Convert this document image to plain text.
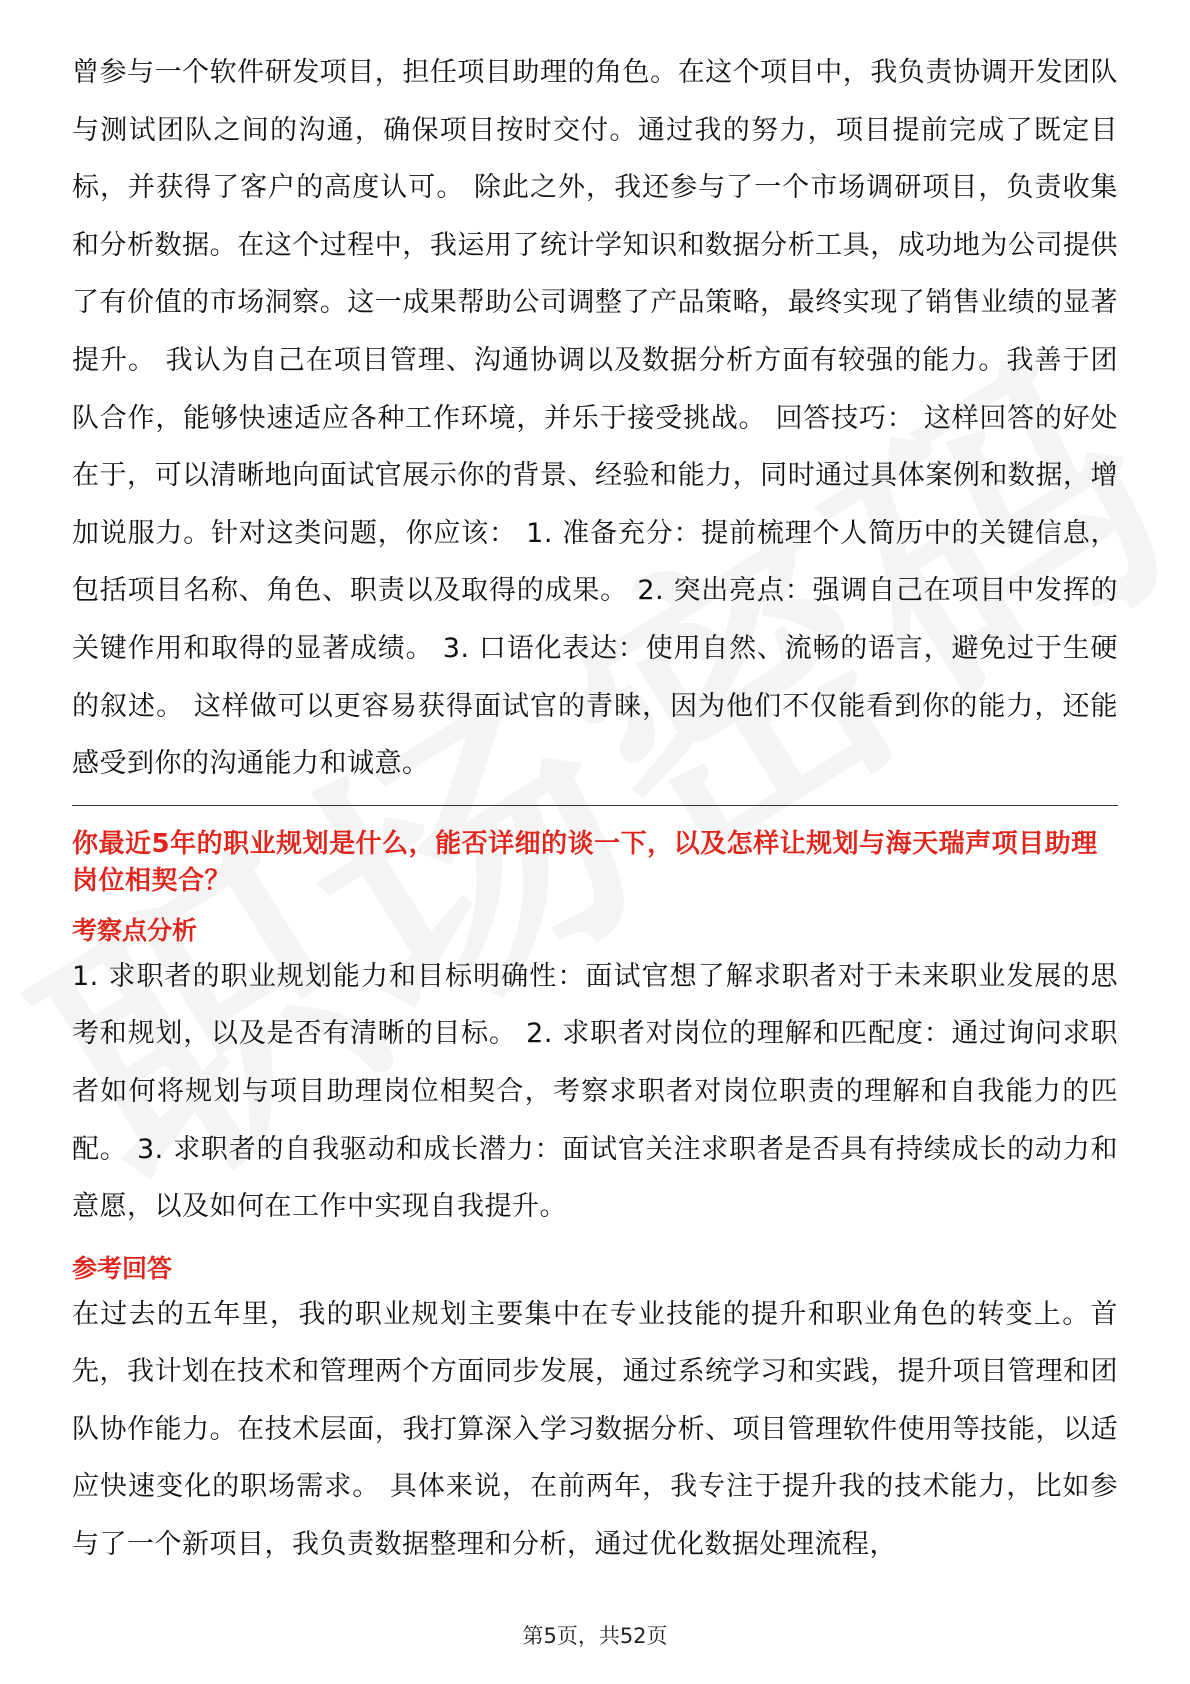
曾参与一个软件研发项目，担任项目助理的角色。在这个项目中，我负责协调开发团队与测试团队之间的沟通，确保项目按时交付。通过我的努力，项目提前完成了既定目标，并获得了客户的高度认可。 除此之外，我还参与了一个市场调研项目，负责收集和分析数据。在这个过程中，我运用了统计学知识和数据分析工具，成功地为公司提供了有价值的市场洞察。这一成果帮助公司调整了产品策略，最终实现了销售业绩的显著提升。 我认为自己在项目管理、沟通协调以及数据分析方面有较强的能力。我善于团队合作，能够快速适应各种工作环境，并乐于接受挑战。 回答技巧： 这样回答的好处在于，可以清晰地向面试官展示你的背景、经验和能力，同时通过具体案例和数据，增加说服力。针对这类问题，你应该： 1. 准备充分：提前梳理个人简历中的关键信息，包括项目名称、角色、职责以及取得的成果。 2. 突出亮点：强调自己在项目中发挥的关键作用和取得的显著成绩。 3. 口语化表达：使用自然、流畅的语言，避免过于生硬的叙述。 这样做可以更容易获得面试官的青睐，因为他们不仅能看到你的能力，还能感受到你的沟通能力和诚意。

你最近5年的职业规划是什么，能否详细的谈一下，以及怎样让规划与海天瑞声项目助理岗位相契合？
考察点分析

1. 求职者的职业规划能力和目标明确性：面试官想了解求职者对于未来职业发展的思考和规划，以及是否有清晰的目标。 2. 求职者对岗位的理解和匹配度：通过询问求职者如何将规划与项目助理岗位相契合，考察求职者对岗位职责的理解和自我能力的匹配。 3. 求职者的自我驱动和成长潜力：面试官关注求职者是否具有持续成长的动力和意愿，以及如何在工作中实现自我提升。

参考回答

在过去的五年里，我的职业规划主要集中在专业技能的提升和职业角色的转变上。首先，我计划在技术和管理两个方面同步发展，通过系统学习和实践，提升项目管理和团队协作能力。在技术层面，我打算深入学习数据分析、项目管理软件使用等技能，以适应快速变化的职场需求。 具体来说，在前两年，我专注于提升我的技术能力，比如参与了一个新项目，我负责数据整理和分析，通过优化数据处理流程，

第5页，共52页
